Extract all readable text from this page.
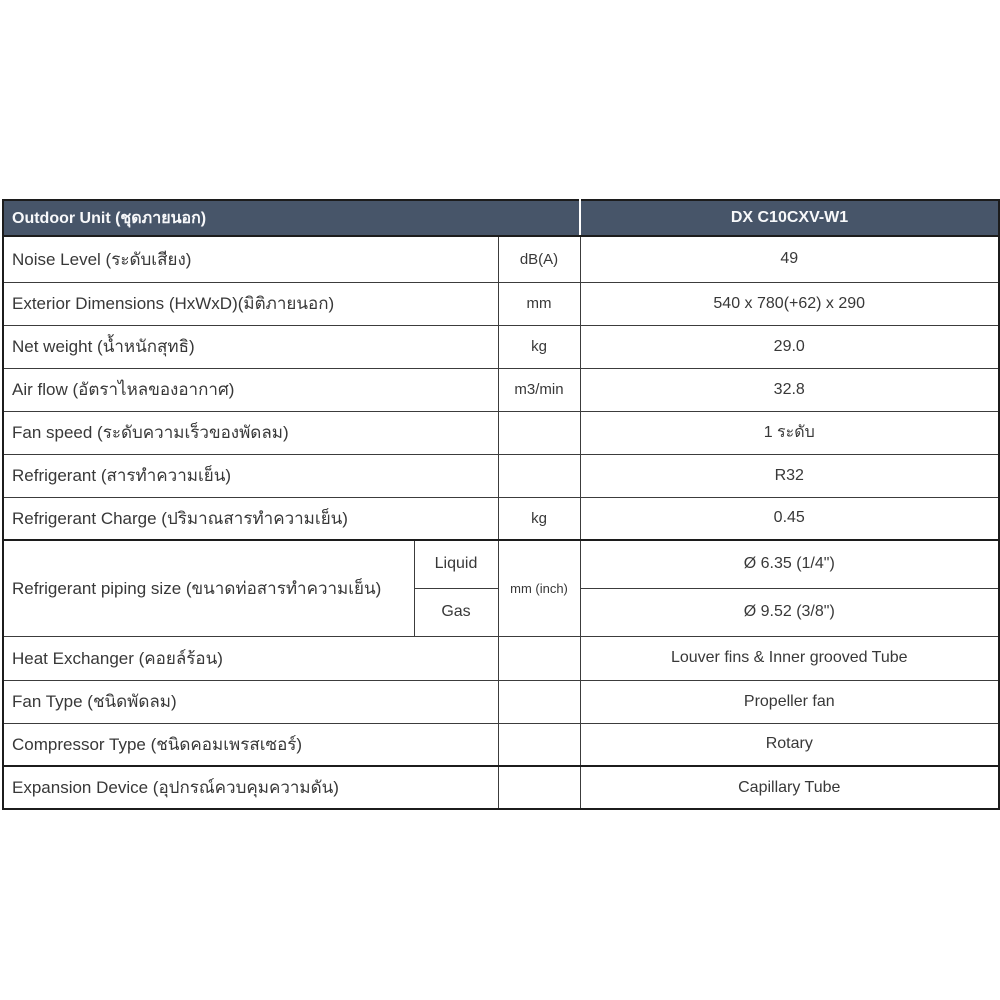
Outdoor Unit (ชุดภายนอก)			DX C10CXV-W1
Noise Level (ระดับเสียง)		dB(A)	49
Exterior Dimensions (HxWxD)(มิติภายนอก)		mm	540 x 780(+62) x 290
Net weight (น้ำหนักสุทธิ)		kg	29.0
Air flow (อัตราไหลของอากาศ)		m3/min	32.8
Fan speed (ระดับความเร็วของพัดลม)			1 ระดับ
Refrigerant (สารทำความเย็น)			R32
Refrigerant Charge (ปริมาณสารทำความเย็น)		kg	0.45
Refrigerant piping size (ขนาดท่อสารทำความเย็น)	Liquid	mm (inch)	Ø 6.35 (1/4")
	Gas		Ø 9.52 (3/8")
Heat Exchanger (คอยล์ร้อน)			Louver fins & Inner grooved Tube
Fan Type (ชนิดพัดลม)			Propeller fan
Compressor Type (ชนิดคอมเพรสเซอร์)			Rotary
Expansion Device (อุปกรณ์ควบคุมความดัน)			Capillary Tube
